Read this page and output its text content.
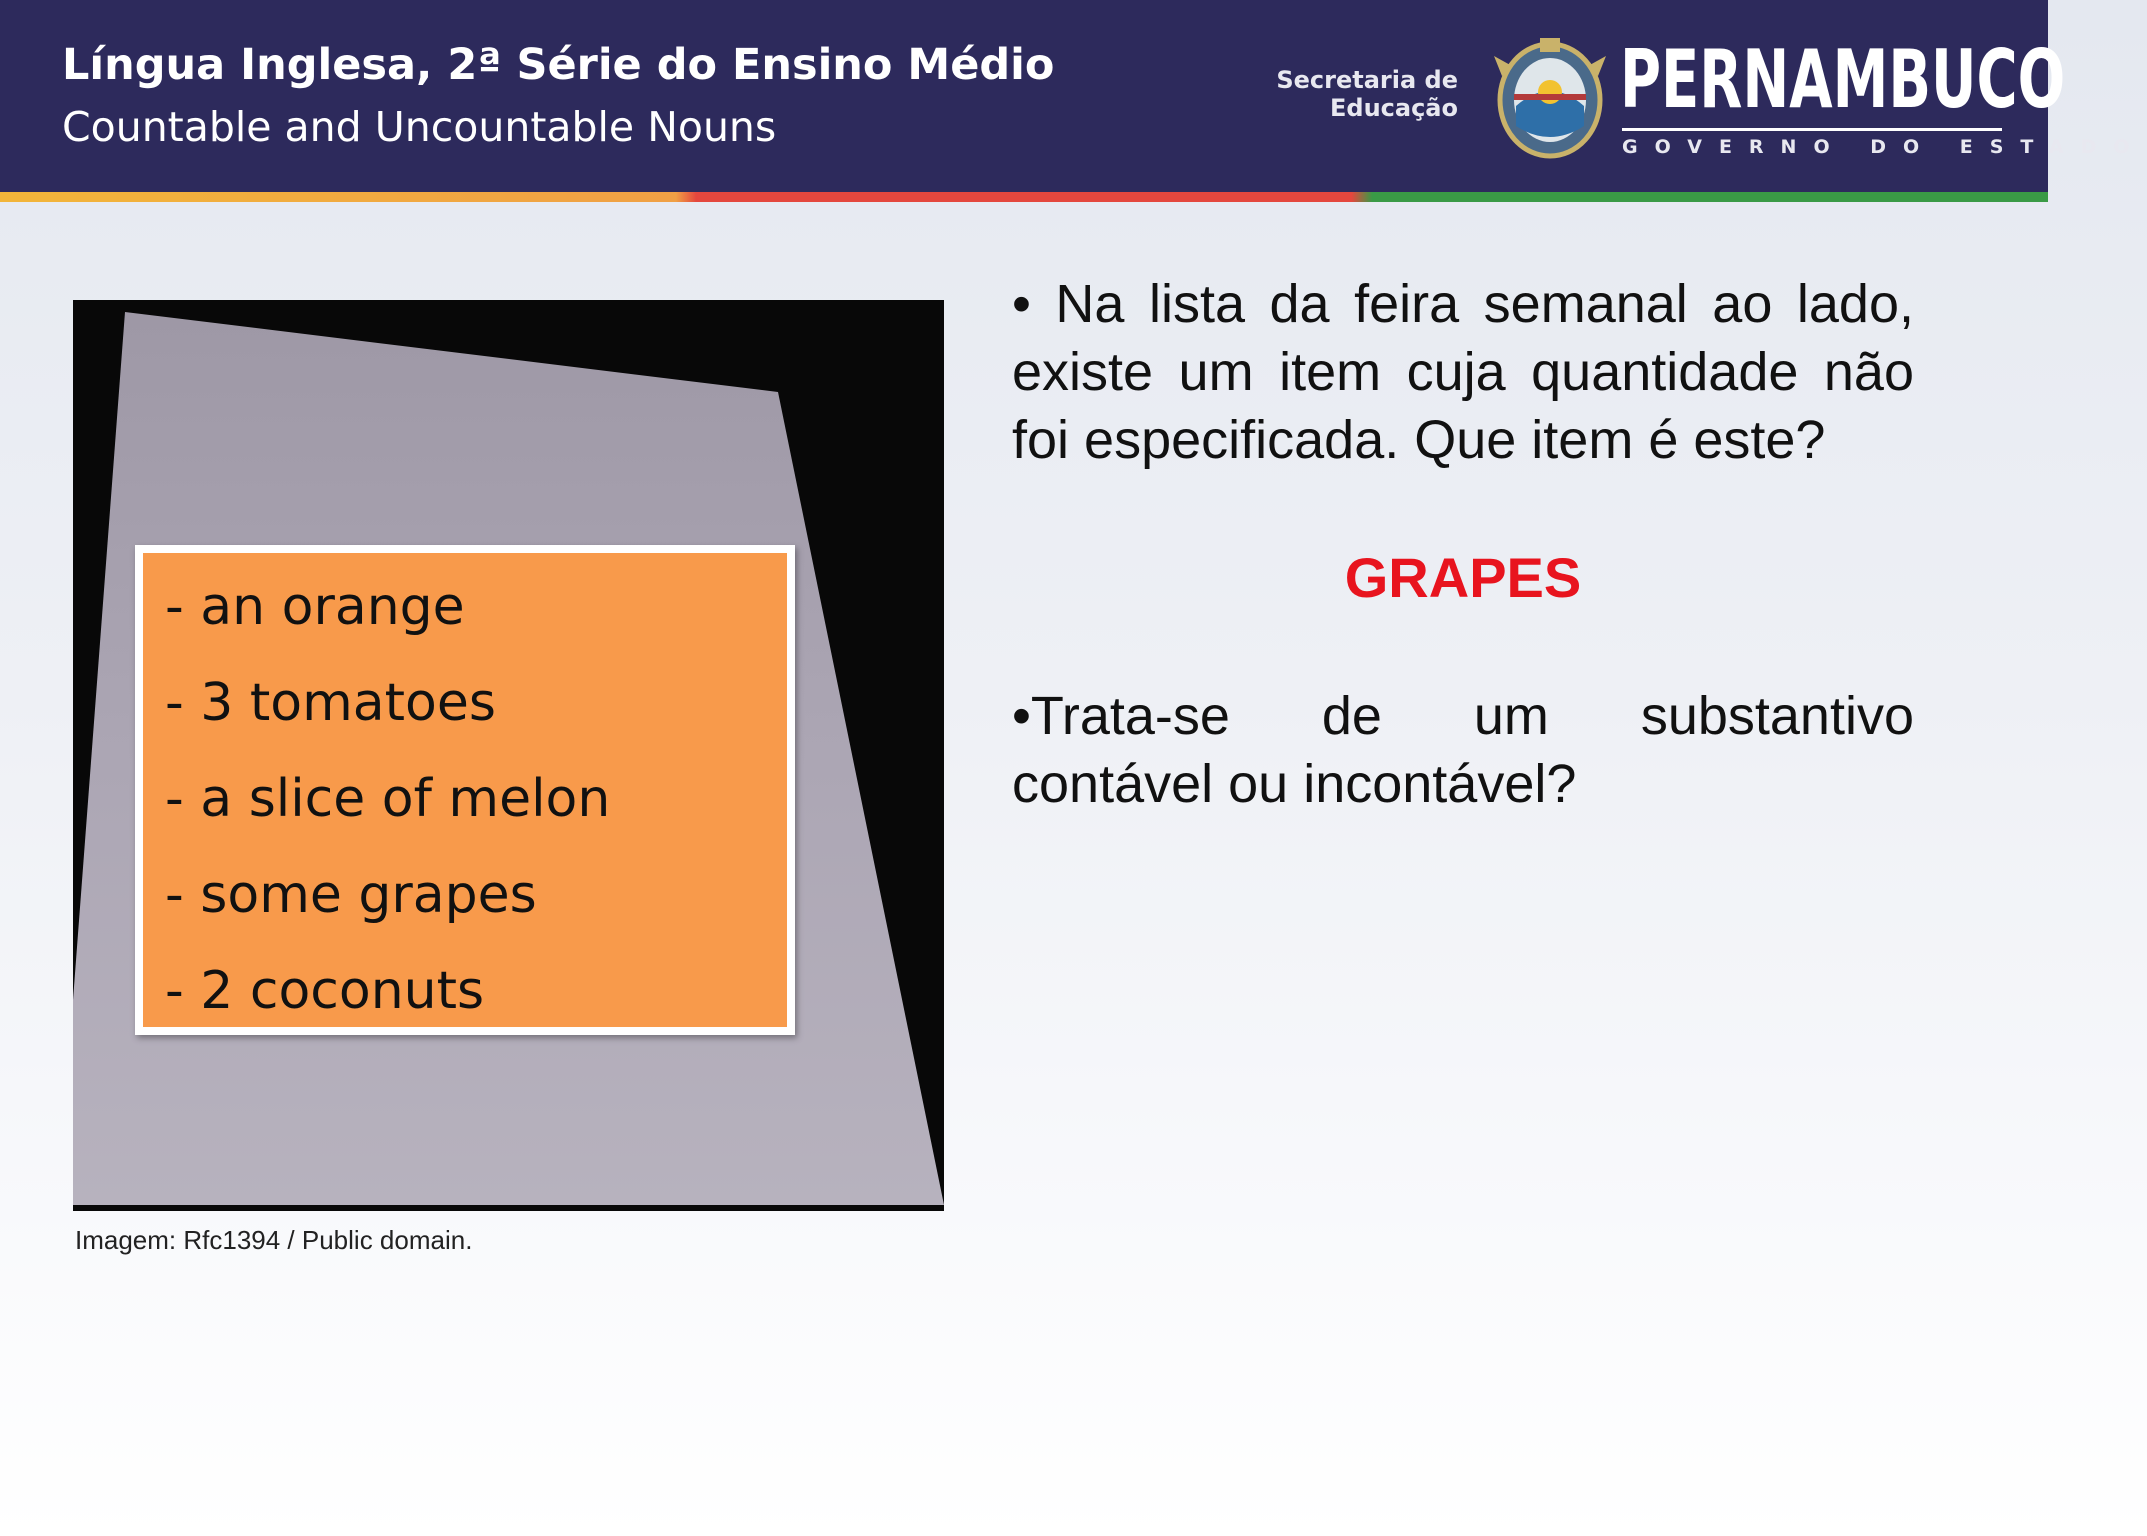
Língua Inglesa, 2ª Série do Ensino Médio
Countable and Uncountable Nouns
Secretaria de
Educação PERNAMBUCO
GOVERNO DO ESTADO
- an orange
- 3 tomatoes
- a slice of melon
- some grapes
- 2 coconuts
Imagem: Rfc1394 / Public domain.

• Na lista da feira semanal ao lado, existe um item cuja quantidade não foi especificada. Que item é este?

GRAPES

•Trata-se de um substantivo
contável ou incontável?
